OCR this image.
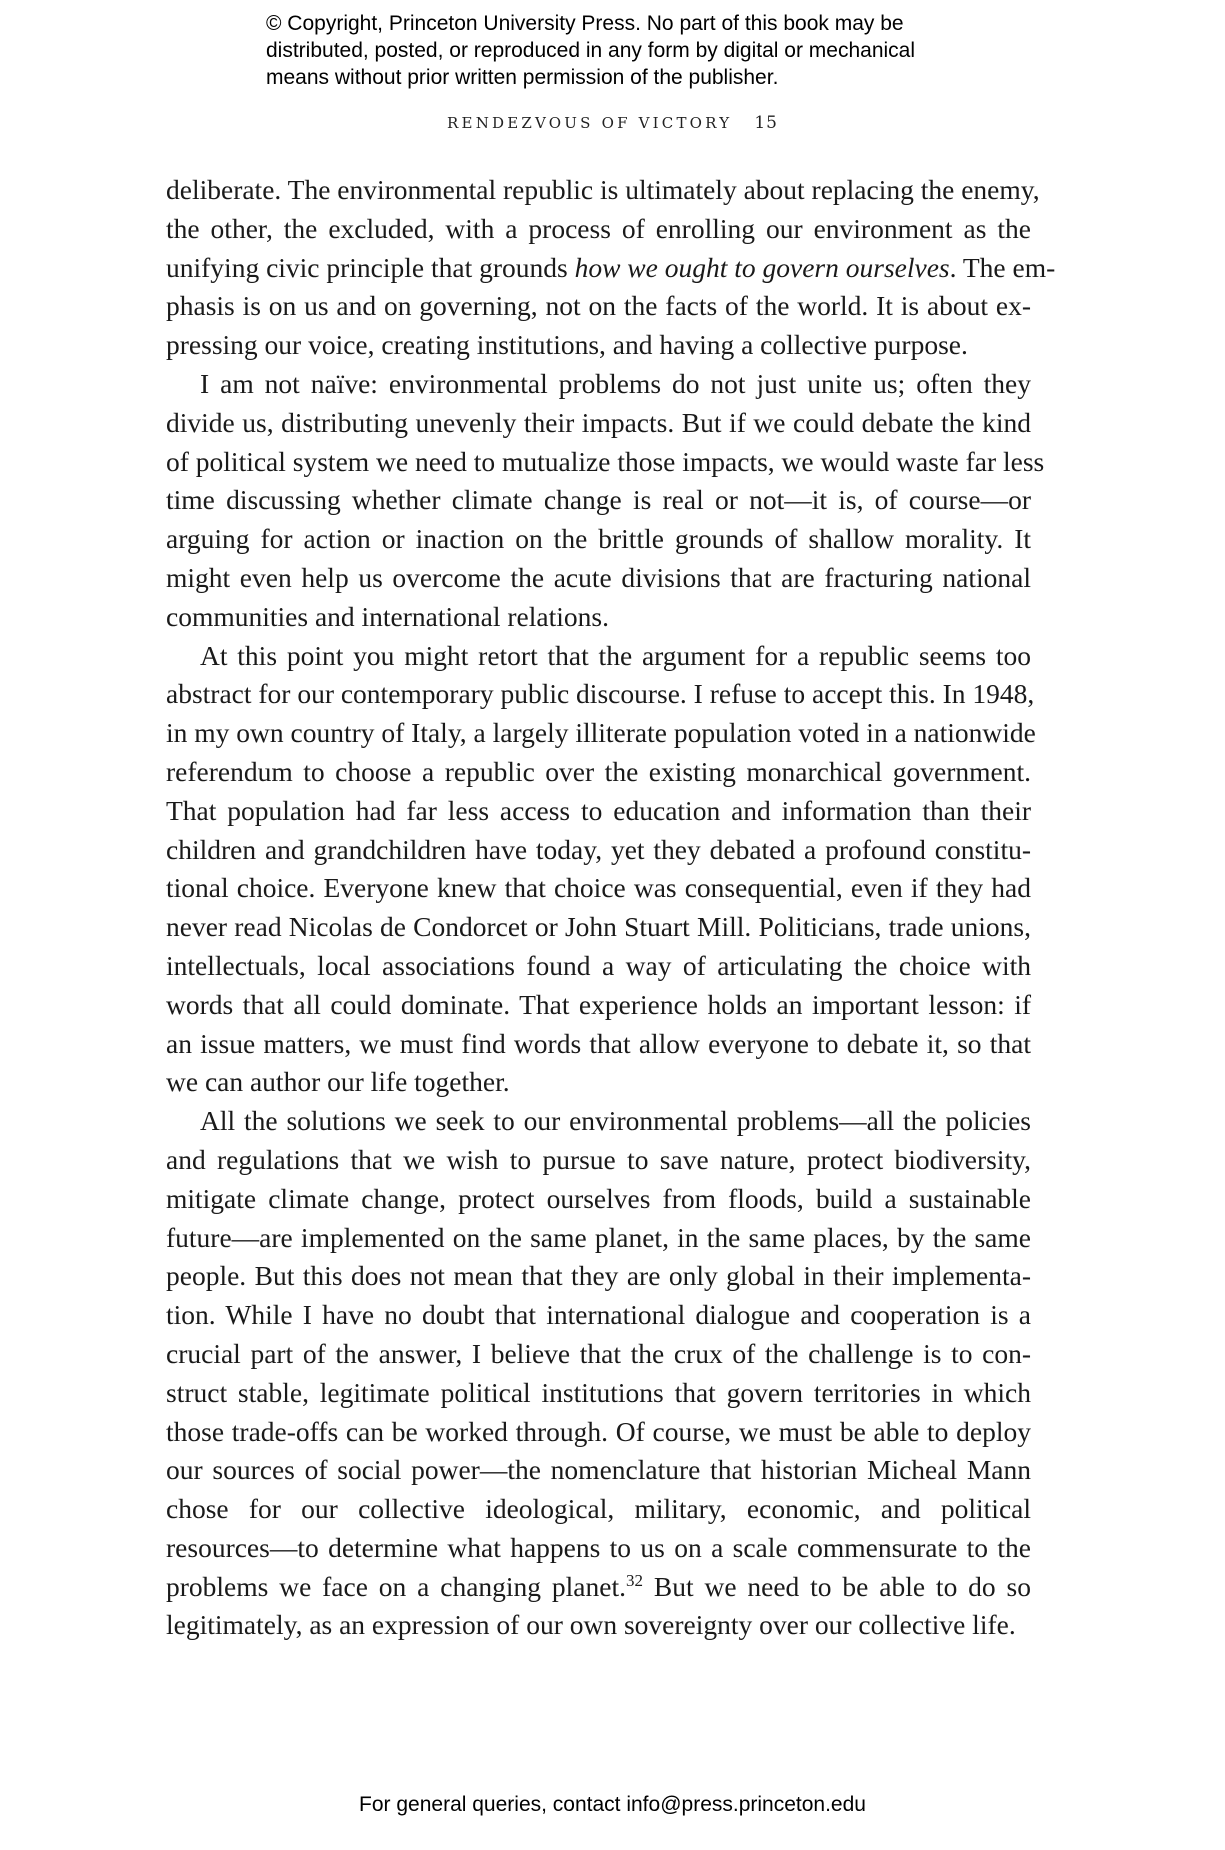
© Copyright, Princeton University Press. No part of this book may be
distributed, posted, or reproduced in any form by digital or mechanical
means without prior written permission of the publisher.
RENDEZVOUS OF VICTORY 15

deliberate. The environmental republic is ultimately about replacing the enemy,
the other, the excluded, with a process of enrolling our environment as the
unifying civic principle that grounds how we ought to govern ourselves. The em-
phasis is on us and on governing, not on the facts of the world. It is about ex-
pressing our voice, creating institutions, and having a collective purpose.

I am not naïve: environmental problems do not just unite us; often they
divide us, distributing unevenly their impacts. But if we could debate the kind
of political system we need to mutualize those impacts, we would waste far less
time discussing whether climate change is real or not—it is, of course—or
arguing for action or inaction on the brittle grounds of shallow morality. It
might even help us overcome the acute divisions that are fracturing national
communities and international relations.

At this point you might retort that the argument for a republic seems too
abstract for our contemporary public discourse. I refuse to accept this. In 1948,
in my own country of Italy, a largely illiterate population voted in a nationwide
referendum to choose a republic over the existing monarchical government.
That population had far less access to education and information than their
children and grandchildren have today, yet they debated a profound constitu-
tional choice. Everyone knew that choice was consequential, even if they had
never read Nicolas de Condorcet or John Stuart Mill. Politicians, trade unions,
intellectuals, local associations found a way of articulating the choice with
words that all could dominate. That experience holds an important lesson: if
an issue matters, we must find words that allow everyone to debate it, so that
we can author our life together.

All the solutions we seek to our environmental problems—all the policies
and regulations that we wish to pursue to save nature, protect biodiversity,
mitigate climate change, protect ourselves from floods, build a sustainable
future—are implemented on the same planet, in the same places, by the same
people. But this does not mean that they are only global in their implementa-
tion. While I have no doubt that international dialogue and cooperation is a
crucial part of the answer, I believe that the crux of the challenge is to con-
struct stable, legitimate political institutions that govern territories in which
those trade-offs can be worked through. Of course, we must be able to deploy
our sources of social power—the nomenclature that historian Micheal Mann
chose for our collective ideological, military, economic, and political
resources—to determine what happens to us on a scale commensurate to the
problems we face on a changing planet.$^{32}$ But we need to be able to do so
legitimately, as an expression of our own sovereignty over our collective life.

For general queries, contact info@press.princeton.edu
